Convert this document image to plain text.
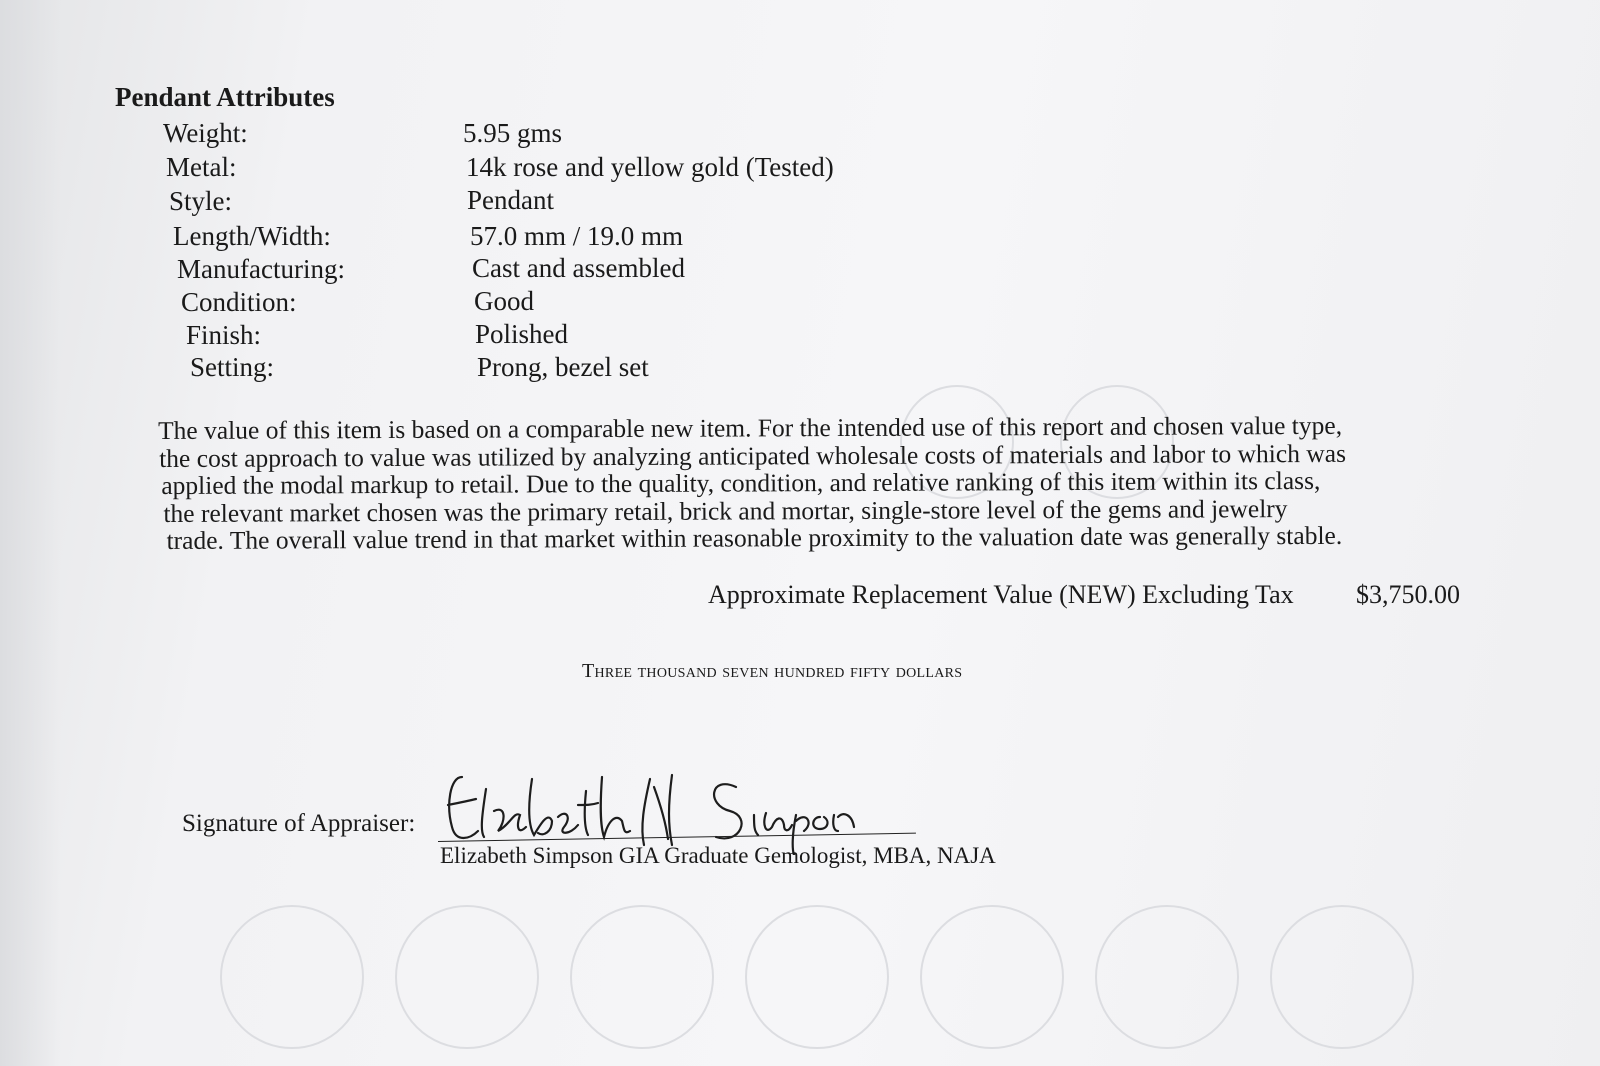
Pendant Attributes
Weight:	5.95 gms
Metal:	14k rose and yellow gold (Tested)
Style:	Pendant
Length/Width:	57.0 mm / 19.0 mm
Manufacturing:	Cast and assembled
Condition:	Good
Finish:	Polished
Setting:	Prong, bezel set
The value of this item is based on a comparable new item. For the intended use of this report and chosen value type,
the cost approach to value was utilized by analyzing anticipated wholesale costs of materials and labor to which was
applied the modal markup to retail. Due to the quality, condition, and relative ranking of this item within its class,
the relevant market chosen was the primary retail, brick and mortar, single-store level of the gems and jewelry
trade. The overall value trend in that market within reasonable proximity to the valuation date was generally stable.
Approximate Replacement Value (NEW) Excluding Tax $3,750.00
Three thousand seven hundred fifty dollars
Signature of Appraiser:
Elizabeth Simpson GIA Graduate Gemologist, MBA, NAJA
